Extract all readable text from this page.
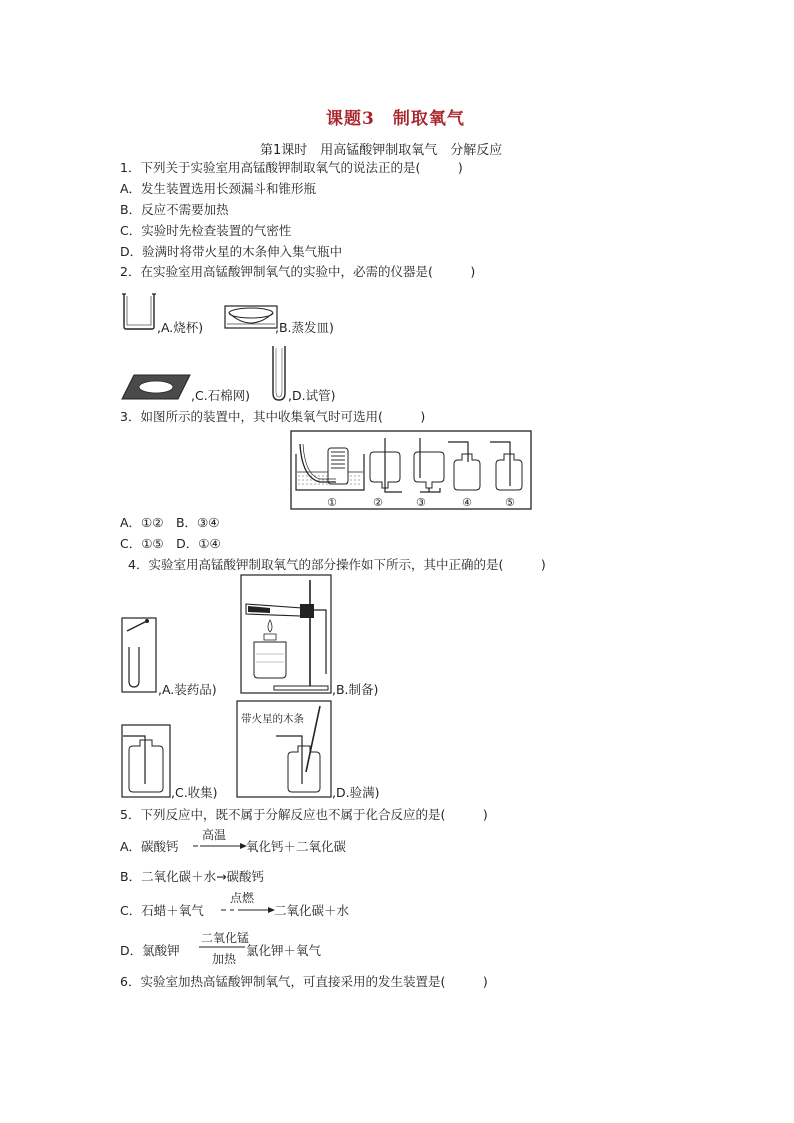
课题3　制取氧气
第1课时　用高锰酸钾制取氧气　分解反应
1．下列关于实验室用高锰酸钾制取氧气的说法正的是(　　　)
A．发生装置选用长颈漏斗和锥形瓶
B．反应不需要加热
C．实验时先检查装置的气密性
D．验满时将带火星的木条伸入集气瓶中
2．在实验室用高锰酸钾制氧气的实验中，必需的仪器是(　　　)
,A.烧杯)	,B.蒸发皿)
,C.石棉网)	,D.试管)
3．如图所示的装置中，其中收集氧气时可选用(　　　)
①	②	③	④	⑤
A．①②　B．③④
C．①⑤　D．①④
4．实验室用高锰酸钾制取氧气的部分操作如下所示，其中正确的是(　　　)
,A.装药品)	,B.制备)
,C.收集)
带火星的木条
,D.验满)
5．下列反应中，既不属于分解反应也不属于化合反应的是(　　　)
A．碳酸钙
高温
氧化钙＋二氧化碳
B．二氧化碳＋水→碳酸钙
C．石蜡＋氧气
点燃
二氧化碳＋水
D．氯酸钾
二氧化锰
加热
氯化钾＋氧气
6．实验室加热高锰酸钾制氧气，可直接采用的发生装置是(　　　)
